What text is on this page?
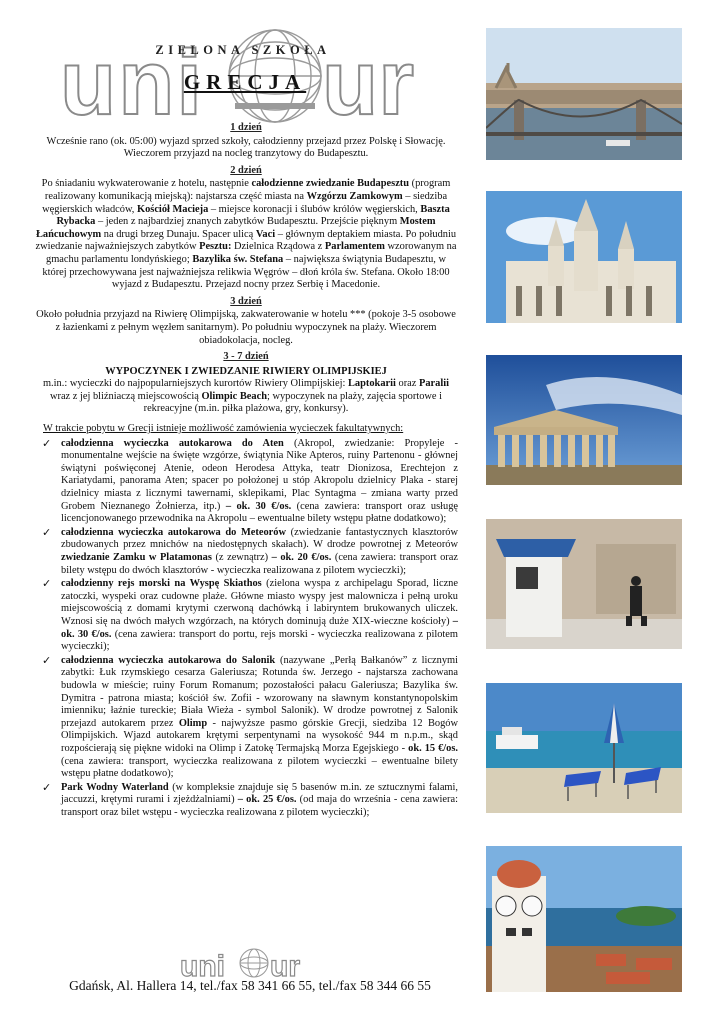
uni ur
ZIELONA SZKOŁA
GRECJA
1 dzień

Wcześnie rano (ok. 05:00) wyjazd sprzed szkoły, całodzienny przejazd przez Polskę i Słowację. Wieczorem przyjazd na nocleg tranzytowy do Budapesztu.

2 dzień

Po śniadaniu wykwaterowanie z hotelu, następnie całodzienne zwiedzanie Budapesztu (program realizowany komunikacją miejską): najstarsza część miasta na Wzgórzu Zamkowym – siedziba węgierskich władców, Kościół Macieja – miejsce koronacji i ślubów królów węgierskich, Baszta Rybacka – jeden z najbardziej znanych zabytków Budapesztu. Przejście pięknym Mostem Łańcuchowym na drugi brzeg Dunaju. Spacer ulicą Vaci – głównym deptakiem miasta. Po południu zwiedzanie najważniejszych zabytków Pesztu: Dzielnica Rządowa z Parlamentem wzorowanym na gmachu parlamentu londyńskiego; Bazylika św. Stefana – największa świątynia Budapesztu, w której przechowywana jest najważniejsza relikwia Węgrów – dłoń króla św. Stefana. Około 18:00 wyjazd z Budapesztu. Przejazd nocny przez Serbię i Macedonie.

3 dzień

Około południa przyjazd na Riwierę Olimpijską, zakwaterowanie w hotelu *** (pokoje 3-5 osobowe z łazienkami z pełnym węzłem sanitarnym). Po południu wypoczynek na plaży. Wieczorem obiadokolacja, nocleg.

3 - 7 dzień
WYPOCZYNEK I ZWIEDZANIE RIWIERY OLIMPIJSKIEJ

m.in.: wycieczki do najpopularniejszych kurortów Riwiery Olimpijskiej: Laptokarii oraz Paralii wraz z jej bliźniaczą miejscowością Olimpic Beach; wypoczynek na plaży, zajęcia sportowe i rekreacyjne (m.in. piłka plażowa, gry, konkursy).

W trakcie pobytu w Grecji istnieje możliwość zamówienia wycieczek fakultatywnych:
✓ całodzienna wycieczka autokarowa do Aten (Akropol, zwiedzanie: Propyleje - monumentalne wejście na święte wzgórze, świątynia Nike Apteros, ruiny Partenonu - głównej świątyni poświęconej Atenie, odeon Herodesa Attyka, teatr Dionizosa, Erechtejon z Kariatydami, panorama Aten; spacer po położonej u stóp Akropolu dzielnicy Plaka - starej dzielnicy miasta z licznymi tawernami, sklepikami, Plac Syntagma – zmiana warty przed Grobem Nieznanego Żołnierza, itp.) – ok. 30 €/os. (cena zawiera: transport oraz usługę licencjonowanego przewodnika na Akropolu – ewentualne bilety wstępu płatne dodatkowo);
✓ całodzienna wycieczka autokarowa do Meteorów (zwiedzanie fantastycznych klasztorów zbudowanych przez mnichów na niedostępnych skałach). W drodze powrotnej z Meteorów zwiedzanie Zamku w Platamonas (z zewnątrz) – ok. 20 €/os. (cena zawiera: transport oraz bilety wstępu do dwóch klasztorów - wycieczka realizowana z pilotem wycieczki);
✓ całodzienny rejs morski na Wyspę Skiathos (zielona wyspa z archipelagu Sporad, liczne zatoczki, wyspeki oraz cudowne plaże. Główne miasto wyspy jest malownicza i pełną uroku miejscowością z domami krytymi czerwoną dachówką i labiryntem brukowanych uliczek. Wznosi się na dwóch małych wzgórzach, na których dominują duże XIX-wieczne kościoły) – ok. 30 €/os. (cena zawiera: transport do portu, rejs morski - wycieczka realizowana z pilotem wycieczki);
✓ całodzienna wycieczka autokarowa do Salonik (nazywane „Perłą Bałkanów” z licznymi zabytki: Łuk rzymskiego cesarza Galeriusza; Rotunda św. Jerzego - najstarsza zachowana budowla w mieście; ruiny Forum Romanum; pozostałości pałacu Galeriusza; Bazylika św. Dymitra - patrona miasta; kościół św. Zofii - wzorowany na sławnym konstantynopolskim imienniku; łaźnie tureckie; Biała Wieża - symbol Salonik). W drodze powrotnej z Salonik przejazd autokarem przez Olimp - najwyższe pasmo górskie Grecji, siedziba 12 Bogów Olimpijskich. Wjazd autokarem krętymi serpentynami na wysokość 944 m n.p.m., skąd rozpościerają się piękne widoki na Olimp i Zatokę Termajską Morza Egejskiego - ok. 15 €/os. (cena zawiera: transport, wycieczka realizowana z pilotem wycieczki – ewentualne bilety wstępu płatne dodatkowo);
✓ Park Wodny Waterland (w kompleksie znajduje się 5 basenów m.in. ze sztucznymi falami, jaccuzzi, krętymi rurami i zjeżdżalniami) – ok. 25 €/os. (od maja do września - cena zawiera: transport oraz bilet wstępu - wycieczka realizowana z pilotem wycieczki);
uni ur
Gdańsk, Al. Hallera 14, tel./fax 58 341 66 55, tel./fax 58 344 66 55
